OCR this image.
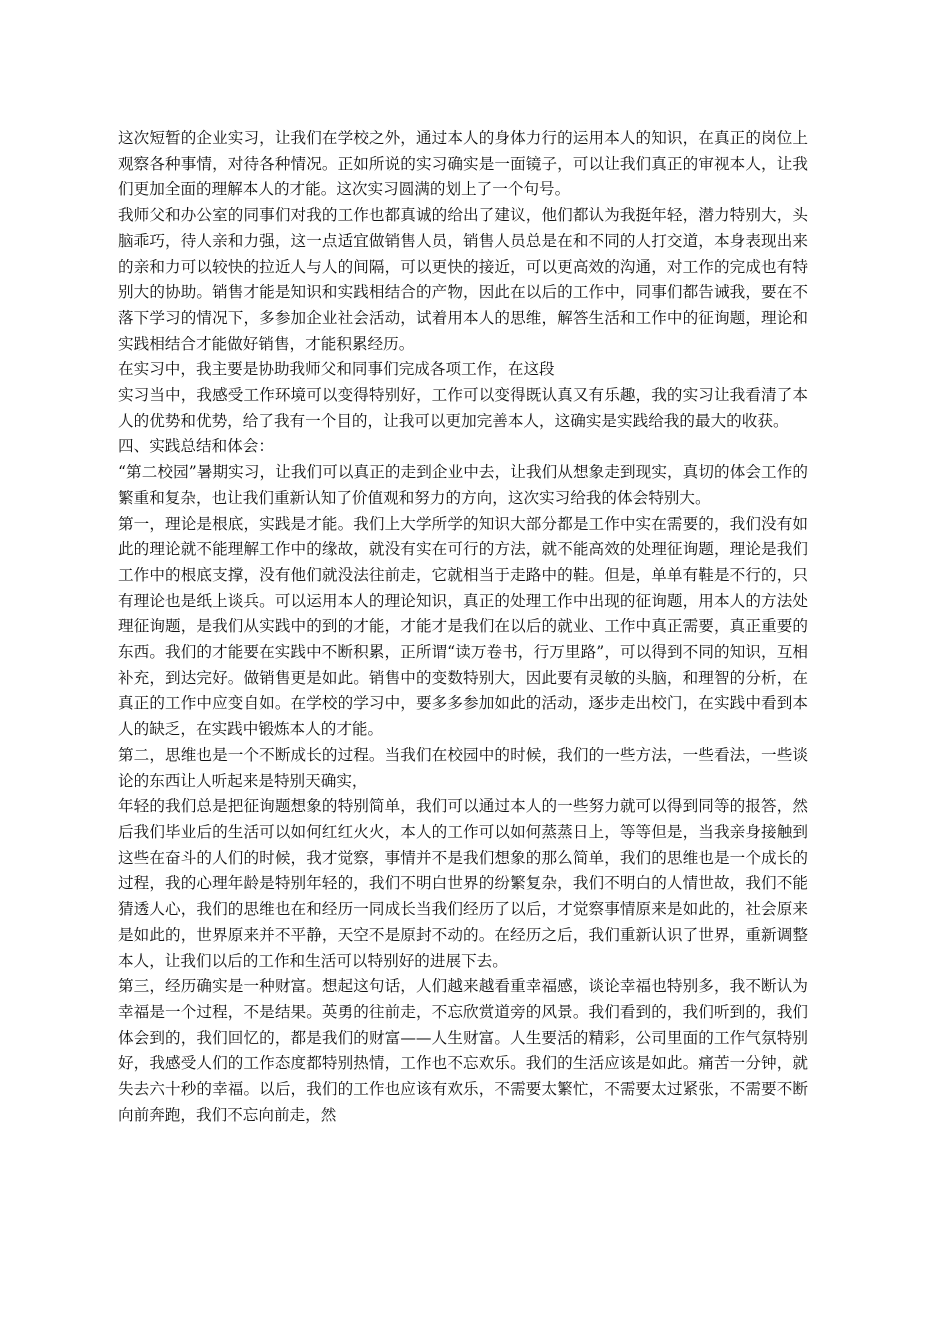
这次短暂的企业实习，让我们在学校之外，通过本人的身体力行的运用本人的知识，在真正的岗位上观察各种事情，对待各种情况。正如所说的实习确实是一面镜子，可以让我们真正的审视本人，让我们更加全面的理解本人的才能。这次实习圆满的划上了一个句号。

我师父和办公室的同事们对我的工作也都真诚的给出了建议，他们都认为我挺年轻，潜力特别大，头脑乖巧，待人亲和力强，这一点适宜做销售人员，销售人员总是在和不同的人打交道，本身表现出来的亲和力可以较快的拉近人与人的间隔，可以更快的接近，可以更高效的沟通，对工作的完成也有特别大的协助。销售才能是知识和实践相结合的产物，因此在以后的工作中，同事们都告诫我，要在不落下学习的情况下，多参加企业社会活动，试着用本人的思维，解答生活和工作中的征询题，理论和实践相结合才能做好销售，才能积累经历。

在实习中，我主要是协助我师父和同事们完成各项工作，在这段

实习当中，我感受工作环境可以变得特别好，工作可以变得既认真又有乐趣，我的实习让我看清了本人的优势和优势，给了我有一个目的，让我可以更加完善本人，这确实是实践给我的最大的收获。

四、实践总结和体会：

“第二校园”暑期实习，让我们可以真正的走到企业中去，让我们从想象走到现实，真切的体会工作的繁重和复杂，也让我们重新认知了价值观和努力的方向，这次实习给我的体会特别大。

第一，理论是根底，实践是才能。我们上大学所学的知识大部分都是工作中实在需要的，我们没有如此的理论就不能理解工作中的缘故，就没有实在可行的方法，就不能高效的处理征询题，理论是我们工作中的根底支撑，没有他们就没法往前走，它就相当于走路中的鞋。但是，单单有鞋是不行的，只有理论也是纸上谈兵。可以运用本人的理论知识，真正的处理工作中出现的征询题，用本人的方法处理征询题，是我们从实践中的到的才能，才能才是我们在以后的就业、工作中真正需要，真正重要的东西。我们的才能要在实践中不断积累，正所谓“读万卷书，行万里路”，可以得到不同的知识，互相补充，到达完好。做销售更是如此。销售中的变数特别大，因此要有灵敏的头脑，和理智的分析，在真正的工作中应变自如。在学校的学习中，要多多参加如此的活动，逐步走出校门，在实践中看到本人的缺乏，在实践中锻炼本人的才能。

第二，思维也是一个不断成长的过程。当我们在校园中的时候，我们的一些方法，一些看法，一些谈论的东西让人听起来是特别天确实，

年轻的我们总是把征询题想象的特别简单，我们可以通过本人的一些努力就可以得到同等的报答，然后我们毕业后的生活可以如何红红火火，本人的工作可以如何蒸蒸日上，等等但是，当我亲身接触到这些在奋斗的人们的时候，我才觉察，事情并不是我们想象的那么简单，我们的思维也是一个成长的过程，我的心理年龄是特别年轻的，我们不明白世界的纷繁复杂，我们不明白的人情世故，我们不能猜透人心，我们的思维也在和经历一同成长当我们经历了以后，才觉察事情原来是如此的，社会原来是如此的，世界原来并不平静，天空不是原封不动的。在经历之后，我们重新认识了世界，重新调整本人，让我们以后的工作和生活可以特别好的进展下去。

第三，经历确实是一种财富。想起这句话，人们越来越看重幸福感，谈论幸福也特别多，我不断认为幸福是一个过程，不是结果。英勇的往前走，不忘欣赏道旁的风景。我们看到的，我们听到的，我们体会到的，我们回忆的，都是我们的财富——人生财富。人生要活的精彩，公司里面的工作气氛特别好，我感受人们的工作态度都特别热情，工作也不忘欢乐。我们的生活应该是如此。痛苦一分钟，就失去六十秒的幸福。以后，我们的工作也应该有欢乐，不需要太繁忙，不需要太过紧张，不需要不断向前奔跑，我们不忘向前走，然
